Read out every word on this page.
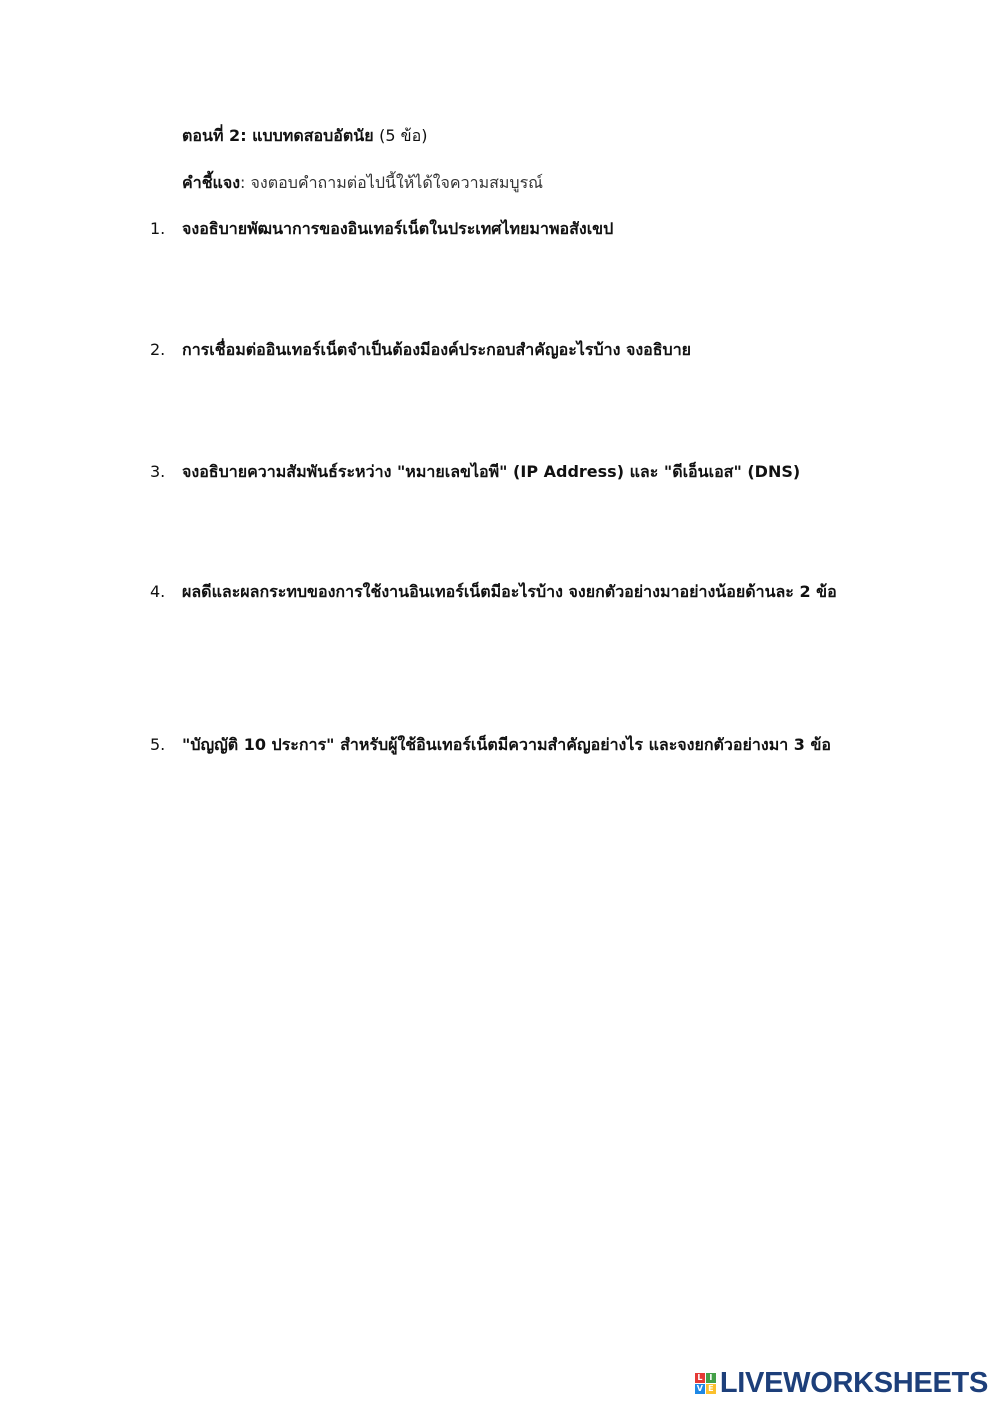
ตอนที่ 2: แบบทดสอบอัตนัย (5 ข้อ)
คำชี้แจง: จงตอบคำถามต่อไปนี้ให้ได้ใจความสมบูรณ์
1.	จงอธิบายพัฒนาการของอินเทอร์เน็ตในประเทศไทยมาพอสังเขป
2.	การเชื่อมต่ออินเทอร์เน็ตจำเป็นต้องมีองค์ประกอบสำคัญอะไรบ้าง จงอธิบาย
3.	จงอธิบายความสัมพันธ์ระหว่าง "หมายเลขไอพี" (IP Address) และ "ดีเอ็นเอส" (DNS)
4.	ผลดีและผลกระทบของการใช้งานอินเทอร์เน็ตมีอะไรบ้าง จงยกตัวอย่างมาอย่างน้อยด้านละ 2 ข้อ
5.	"บัญญัติ 10 ประการ" สำหรับผู้ใช้อินเทอร์เน็ตมีความสำคัญอย่างไร และจงยกตัวอย่างมา 3 ข้อ
L I
V E LIVEWORKSHEETS
